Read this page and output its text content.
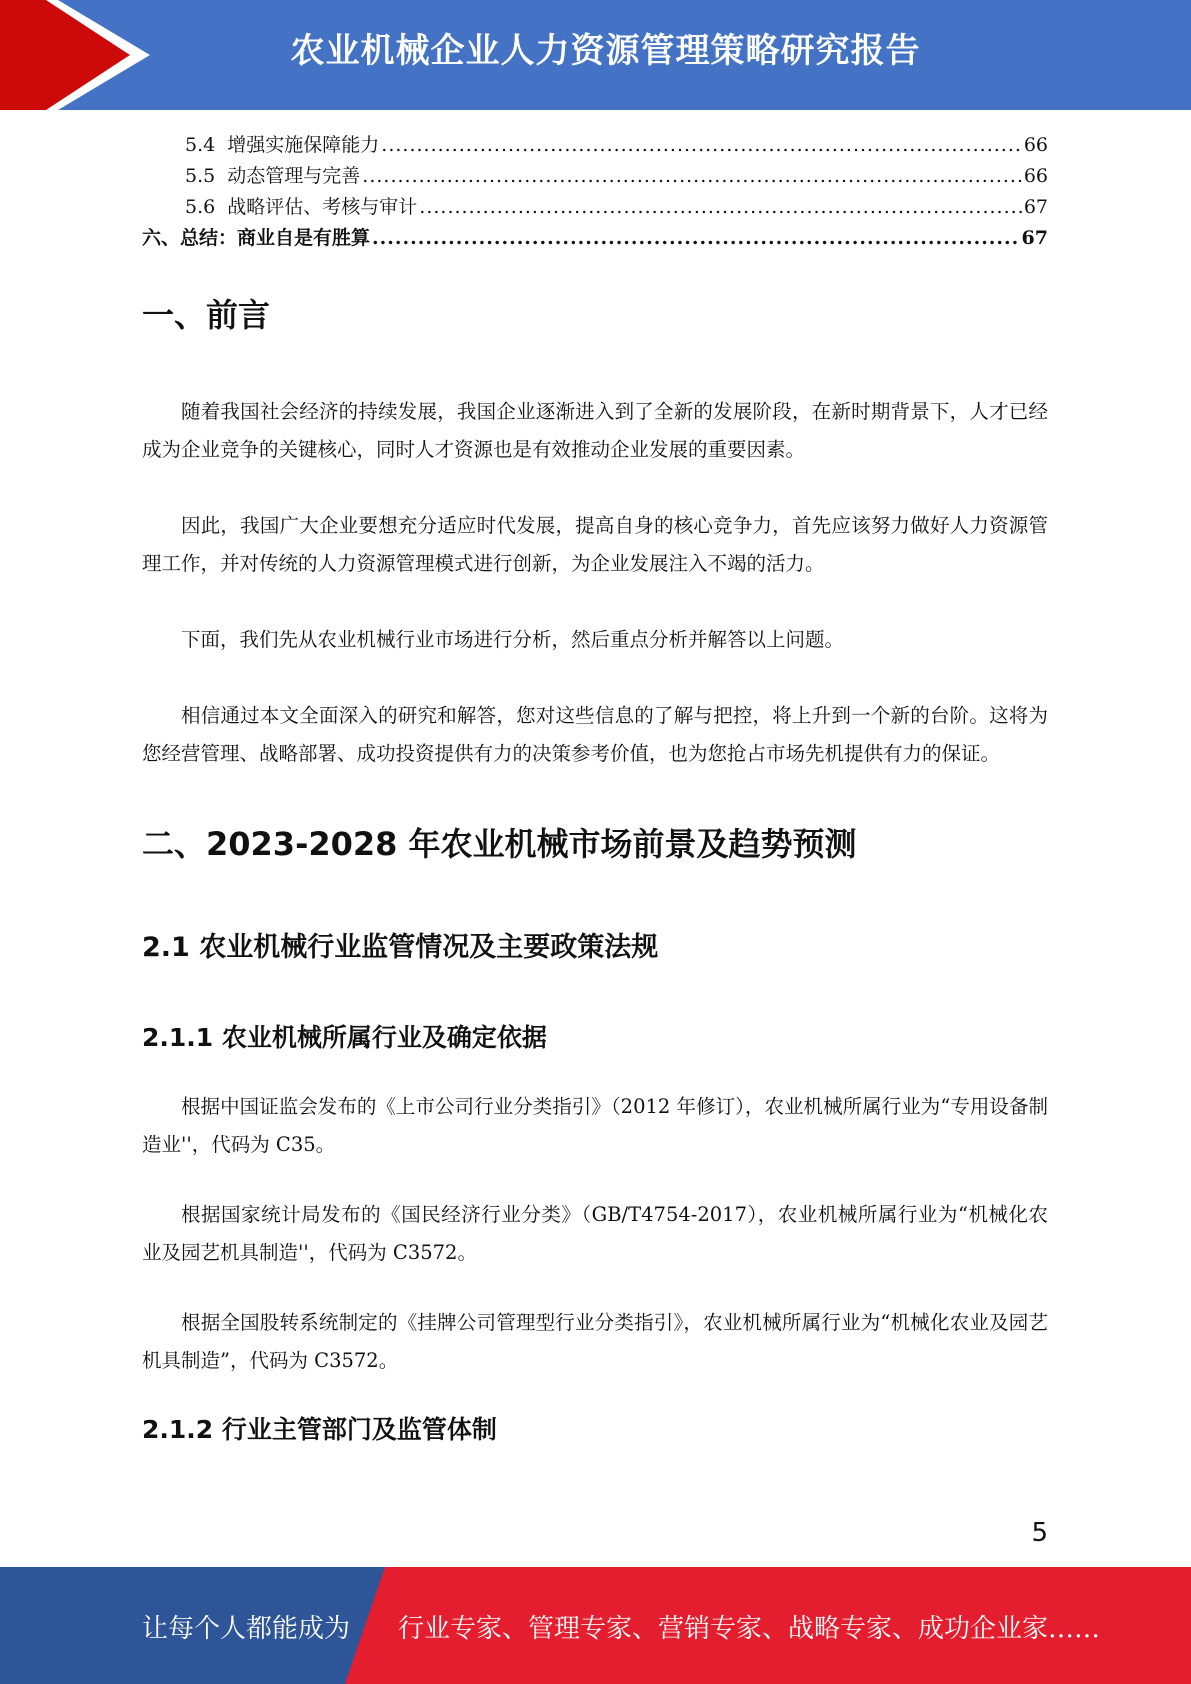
农业机械企业人力资源管理策略研究报告
5.4  增强实施保障能力 .....	66
5.5  动态管理与完善 .....	66
5.6  战略评估、考核与审计 .....	67
六、总结：商业自是有胜算 .....	67
一、前言

随着我国社会经济的持续发展，我国企业逐渐进入到了全新的发展阶段，在新时期背景下，人才已经成为企业竞争的关键核心，同时人才资源也是有效推动企业发展的重要因素。

因此，我国广大企业要想充分适应时代发展，提高自身的核心竞争力，首先应该努力做好人力资源管理工作，并对传统的人力资源管理模式进行创新，为企业发展注入不竭的活力。

下面，我们先从农业机械行业市场进行分析，然后重点分析并解答以上问题。

相信通过本文全面深入的研究和解答，您对这些信息的了解与把控，将上升到一个新的台阶。这将为您经营管理、战略部署、成功投资提供有力的决策参考价值，也为您抢占市场先机提供有力的保证。

二、2023-2028 年农业机械市场前景及趋势预测
2.1 农业机械行业监管情况及主要政策法规
2.1.1 农业机械所属行业及确定依据

根据中国证监会发布的《上市公司行业分类指引》（2012 年修订），农业机械所属行业为“专用设备制造业''，代码为 C35。

根据国家统计局发布的《国民经济行业分类》（GB/T4754-2017），农业机械所属行业为“机械化农业及园艺机具制造''，代码为 C3572。

根据全国股转系统制定的《挂牌公司管理型行业分类指引》，农业机械所属行业为“机械化农业及园艺机具制造”，代码为 C3572。

2.1.2 行业主管部门及监管体制
5
让每个人都能成为 行业专家、管理专家、营销专家、战略专家、成功企业家……
